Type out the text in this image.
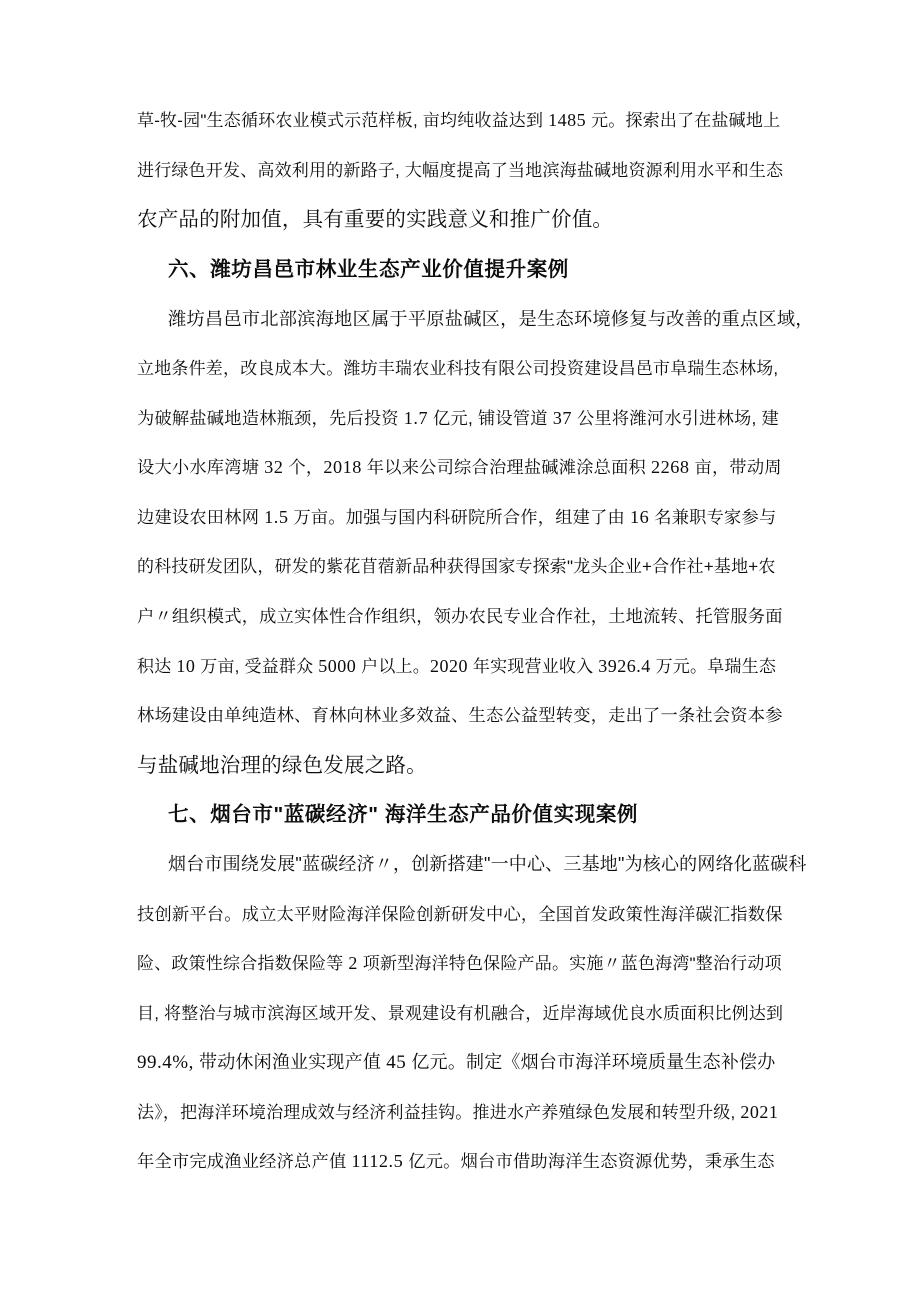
草-牧-园"生态循环农业模式示范样板, 亩均纯收益达到 1485 元。探索出了在盐碱地上
进行绿色开发、高效利用的新路子, 大幅度提高了当地滨海盐碱地资源利用水平和生态
农产品的附加值，具有重要的实践意义和推广价值。
六、潍坊昌邑市林业生态产业价值提升案例
潍坊昌邑市北部滨海地区属于平原盐碱区，是生态环境修复与改善的重点区域，
立地条件差，改良成本大。潍坊丰瑞农业科技有限公司投资建设昌邑市阜瑞生态林场,
为破解盐碱地造林瓶颈，先后投资 1.7 亿元, 铺设管道 37 公里将潍河水引进林场, 建
设大小水库湾塘 32 个，2018 年以来公司综合治理盐碱滩涂总面积 2268 亩，带动周
边建设农田林网 1.5 万亩。加强与国内科研院所合作，组建了由 16 名兼职专家参与
的科技研发团队，研发的紫花苜蓿新品种获得国家专探索"龙头企业+合作社+基地+农
户〃组织模式，成立实体性合作组织，领办农民专业合作社，土地流转、托管服务面
积达 10 万亩, 受益群众 5000 户以上。2020 年实现营业收入 3926.4 万元。阜瑞生态
林场建设由单纯造林、育林向林业多效益、生态公益型转变，走出了一条社会资本参
与盐碱地治理的绿色发展之路。
七、烟台市"蓝碳经济" 海洋生态产品价值实现案例
烟台市围绕发展"蓝碳经济〃，创新搭建"一中心、三基地"为核心的网络化蓝碳科
技创新平台。成立太平财险海洋保险创新研发中心，全国首发政策性海洋碳汇指数保
险、政策性综合指数保险等 2 项新型海洋特色保险产品。实施〃蓝色海湾"整治行动项
目, 将整治与城市滨海区域开发、景观建设有机融合，近岸海域优良水质面积比例达到
99.4%, 带动休闲渔业实现产值 45 亿元。制定《烟台市海洋环境质量生态补偿办
法》，把海洋环境治理成效与经济利益挂钩。推进水产养殖绿色发展和转型升级, 2021
年全市完成渔业经济总产值 1112.5 亿元。烟台市借助海洋生态资源优势，秉承生态
